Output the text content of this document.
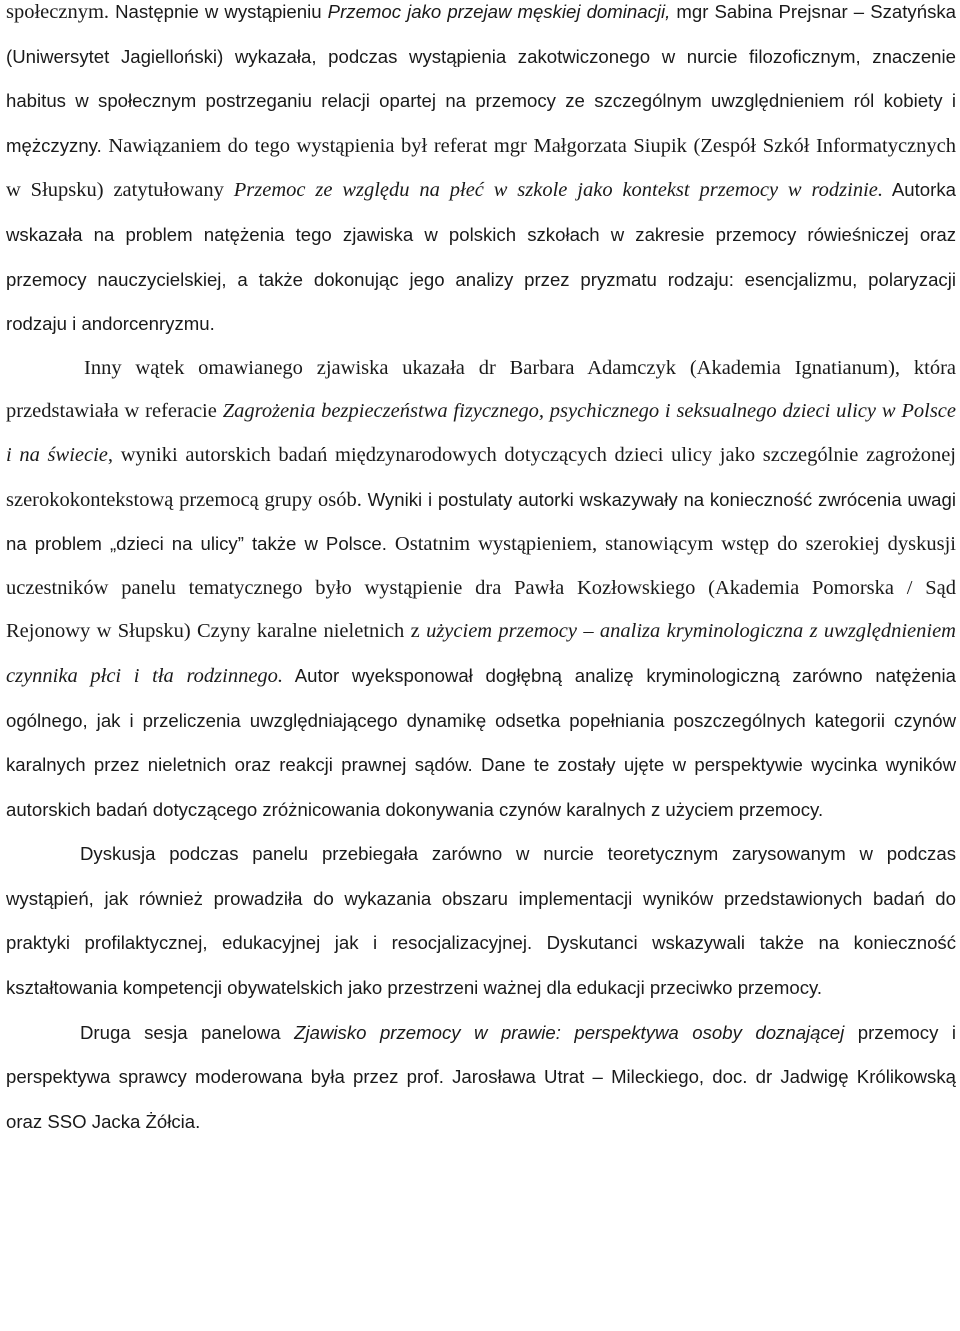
społecznym. Następnie w wystąpieniu Przemoc jako przejaw męskiej dominacji, mgr Sabina Prejsnar – Szatyńska (Uniwersytet Jagielloński) wykazała, podczas wystąpienia zakotwiczonego w nurcie filozoficznym, znaczenie habitus w społecznym postrzeganiu relacji opartej na przemocy ze szczególnym uwzględnieniem ról kobiety i mężczyzny. Nawiązaniem do tego wystąpienia był referat mgr Małgorzata Siupik (Zespół Szkół Informatycznych w Słupsku) zatytułowany Przemoc ze względu na płeć w szkole jako kontekst przemocy w rodzinie. Autorka wskazała na problem natężenia tego zjawiska w polskich szkołach w zakresie przemocy rówieśniczej oraz przemocy nauczycielskiej, a także dokonując jego analizy przez pryzmatu rodzaju: esencjalizmu, polaryzacji rodzaju i andorcenryzmu.

Inny wątek omawianego zjawiska ukazała dr Barbara Adamczyk (Akademia Ignatianum), która przedstawiała w referacie Zagrożenia bezpieczeństwa fizycznego, psychicznego i seksualnego dzieci ulicy w Polsce i na świecie, wyniki autorskich badań międzynarodowych dotyczących dzieci ulicy jako szczególnie zagrożonej szerokokontekstową przemocą grupy osób. Wyniki i postulaty autorki wskazywały na konieczność zwrócenia uwagi na problem „dzieci na ulicy” także w Polsce. Ostatnim wystąpieniem, stanowiącym wstęp do szerokiej dyskusji uczestników panelu tematycznego było wystąpienie dra Pawła Kozłowskiego (Akademia Pomorska / Sąd Rejonowy w Słupsku) Czyny karalne nieletnich z użyciem przemocy – analiza kryminologiczna z uwzględnieniem czynnika płci i tła rodzinnego. Autor wyeksponował dogłębną analizę kryminologiczną zarówno natężenia ogólnego, jak i przeliczenia uwzględniającego dynamikę odsetka popełniania poszczególnych kategorii czynów karalnych przez nieletnich oraz reakcji prawnej sądów. Dane te zostały ujęte w perspektywie wycinka wyników autorskich badań dotyczącego zróżnicowania dokonywania czynów karalnych z użyciem przemocy.

Dyskusja podczas panelu przebiegała zarówno w nurcie teoretycznym zarysowanym w podczas wystąpień, jak również prowadziła do wykazania obszaru implementacji wyników przedstawionych badań do praktyki profilaktycznej, edukacyjnej jak i resocjalizacyjnej. Dyskutanci wskazywali także na konieczność kształtowania kompetencji obywatelskich jako przestrzeni ważnej dla edukacji przeciwko przemocy.

Druga sesja panelowa Zjawisko przemocy w prawie: perspektywa osoby doznającej przemocy i perspektywa sprawcy moderowana była przez prof. Jarosława Utrat – Mileckiego, doc. dr Jadwigę Królikowską oraz SSO Jacka Żółcia.
